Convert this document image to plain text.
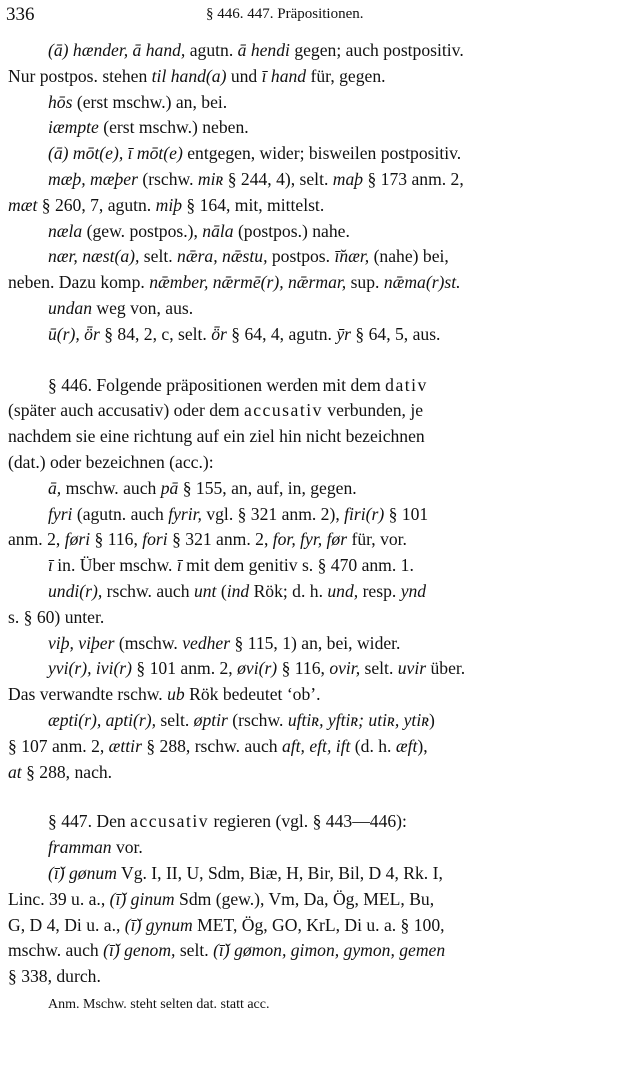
336	§ 446. 447. Präpositionen.
(ā) hænder, ā hand, agutn. ā hendi gegen; auch postpositiv.
Nur postpos. stehen til hand(a) und ī hand für, gegen.
hōs (erst mschw.) an, bei.
iæmpte (erst mschw.) neben.
(ā) mōt(e), ī mōt(e) entgegen, wider; bisweilen postpositiv.
mæþ, mæþer (rschw. miʀ § 244, 4), selt. maþ § 173 anm. 2,
mæt § 260, 7, agutn. miþ § 164, mit, mittelst.
næla (gew. postpos.), nāla (postpos.) nahe.
nær, næst(a), selt. nǣra, nǣstu, postpos. ī̆nær, (nahe) bei,
neben. Dazu komp. nǣmber, nǣrmē(r), nǣrmar, sup. nǣma(r)st.
undan weg von, aus.
ū(r), ȫr § 84, 2, c, selt. ȫr § 64, 4, agutn. ȳr § 64, 5, aus.
§ 446. Folgende präpositionen werden mit dem dativ
(später auch accusativ) oder dem accusativ verbunden, je
nachdem sie eine richtung auf ein ziel hin nicht bezeichnen
(dat.) oder bezeichnen (acc.):
ā, mschw. auch pā § 155, an, auf, in, gegen.
fyri (agutn. auch fyrir, vgl. § 321 anm. 2), firi(r) § 101
anm. 2, føri § 116, fori § 321 anm. 2, for, fyr, før für, vor.
ī in. Über mschw. ī mit dem genitiv s. § 470 anm. 1.
undi(r), rschw. auch unt (ind Rök; d. h. und, resp. ynd
s. § 60) unter.
viþ, viþer (mschw. vedher § 115, 1) an, bei, wider.
yvi(r), ivi(r) § 101 anm. 2, øvi(r) § 116, ovir, selt. uvir über.
Das verwandte rschw. ub Rök bedeutet ‘ob’.
æpti(r), apti(r), selt. øptir (rschw. uftiʀ, yftiʀ; utiʀ, ytiʀ)
§ 107 anm. 2, ættir § 288, rschw. auch aft, eft, ift (d. h. æft),
at § 288, nach.
§ 447. Den accusativ regieren (vgl. § 443—446):
framman vor.
(ī̆) gønum Vg. I, II, U, Sdm, Biæ, H, Bir, Bil, D 4, Rk. I,
Linc. 39 u. a., (ī̆) ginum Sdm (gew.), Vm, Da, Ög, MEL, Bu,
G, D 4, Di u. a., (ī̆) gynum MET, Ög, GO, KrL, Di u. a. § 100,
mschw. auch (ī̆) genom, selt. (ī̆) gømon, gimon, gymon, gemen
§ 338, durch.
Anm. Mschw. steht selten dat. statt acc.
